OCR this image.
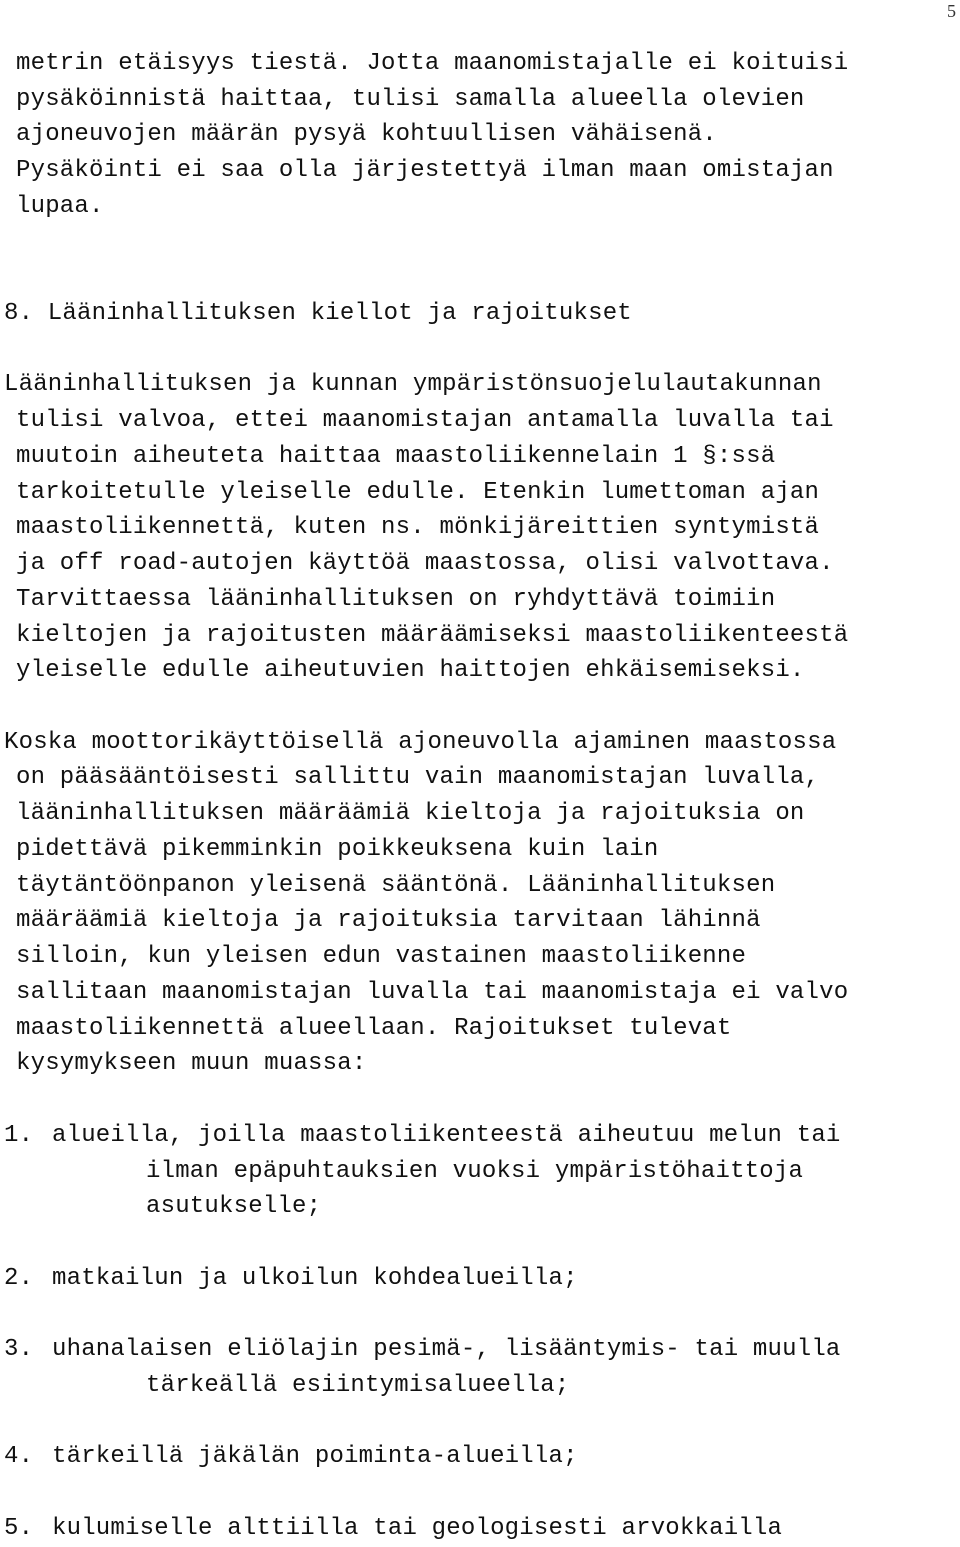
5
metrin etäisyys tiestä. Jotta maanomistajalle ei koituisi
pysäköinnistä haittaa, tulisi samalla alueella olevien
ajoneuvojen määrän pysyä kohtuullisen vähäisenä.
Pysäköinti ei saa olla järjestettyä ilman maan omistajan
lupaa.
8. Lääninhallituksen kiellot ja rajoitukset
Lääninhallituksen ja kunnan ympäristönsuojelulautakunnan
tulisi valvoa, ettei maanomistajan antamalla luvalla tai
muutoin aiheuteta haittaa maastoliikennelain 1 §:ssä
tarkoitetulle yleiselle edulle. Etenkin lumettoman ajan
maastoliikennettä, kuten ns. mönkijäreittien syntymistä
ja off road-autojen käyttöä maastossa, olisi valvottava.
Tarvittaessa lääninhallituksen on ryhdyttävä toimiin
kieltojen ja rajoitusten määräämiseksi maastoliikenteestä
yleiselle edulle aiheutuvien haittojen ehkäisemiseksi.
Koska moottorikäyttöisellä ajoneuvolla ajaminen maastossa
on pääsääntöisesti sallittu vain maanomistajan luvalla,
lääninhallituksen määräämiä kieltoja ja rajoituksia on
pidettävä pikemminkin poikkeuksena kuin lain
täytäntöönpanon yleisenä sääntönä. Lääninhallituksen
määräämiä kieltoja ja rajoituksia tarvitaan lähinnä
silloin, kun yleisen edun vastainen maastoliikenne
sallitaan maanomistajan luvalla tai maanomistaja ei valvo
maastoliikennettä alueellaan. Rajoitukset tulevat
kysymykseen muun muassa:
1. alueilla, joilla maastoliikenteestä aiheutuu melun tai
ilman epäpuhtauksien vuoksi ympäristöhaittoja
asutukselle;
2. matkailun ja ulkoilun kohdealueilla;
3. uhanalaisen eliölajin pesimä-, lisääntymis- tai muulla
tärkeällä esiintymisalueella;
4. tärkeillä jäkälän poiminta-alueilla;
5. kulumiselle alttiilla tai geologisesti arvokkailla
